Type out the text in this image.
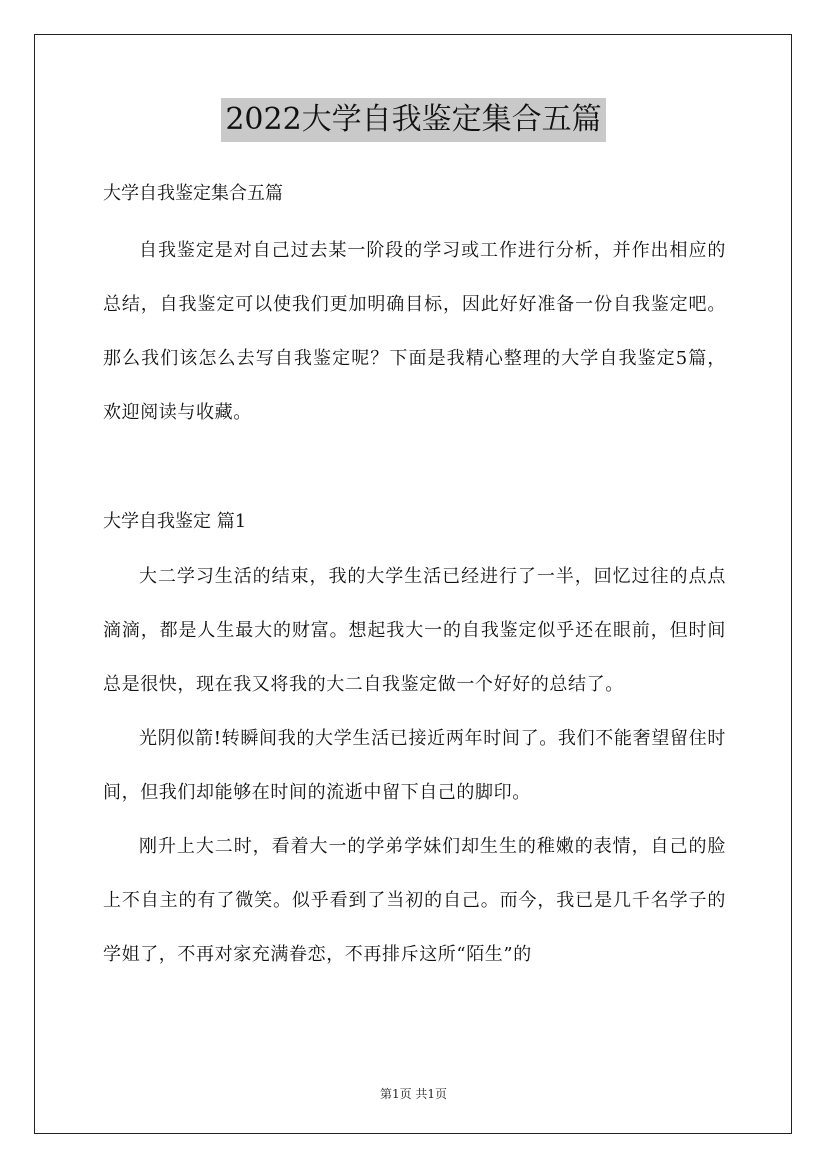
2022大学自我鉴定集合五篇

大学自我鉴定集合五篇

自我鉴定是对自己过去某一阶段的学习或工作进行分析，并作出相应的总结，自我鉴定可以使我们更加明确目标，因此好好准备一份自我鉴定吧。那么我们该怎么去写自我鉴定呢？下面是我精心整理的大学自我鉴定5篇，欢迎阅读与收藏。

大学自我鉴定 篇1

大二学习生活的结束，我的大学生活已经进行了一半，回忆过往的点点滴滴，都是人生最大的财富。想起我大一的自我鉴定似乎还在眼前，但时间总是很快，现在我又将我的大二自我鉴定做一个好好的总结了。

光阴似箭!转瞬间我的大学生活已接近两年时间了。我们不能奢望留住时间，但我们却能够在时间的流逝中留下自己的脚印。

刚升上大二时，看着大一的学弟学妹们却生生的稚嫩的表情，自己的脸上不自主的有了微笑。似乎看到了当初的自己。而今，我已是几千名学子的学姐了，不再对家充满眷恋，不再排斥这所“陌生”的

第1页 共1页
